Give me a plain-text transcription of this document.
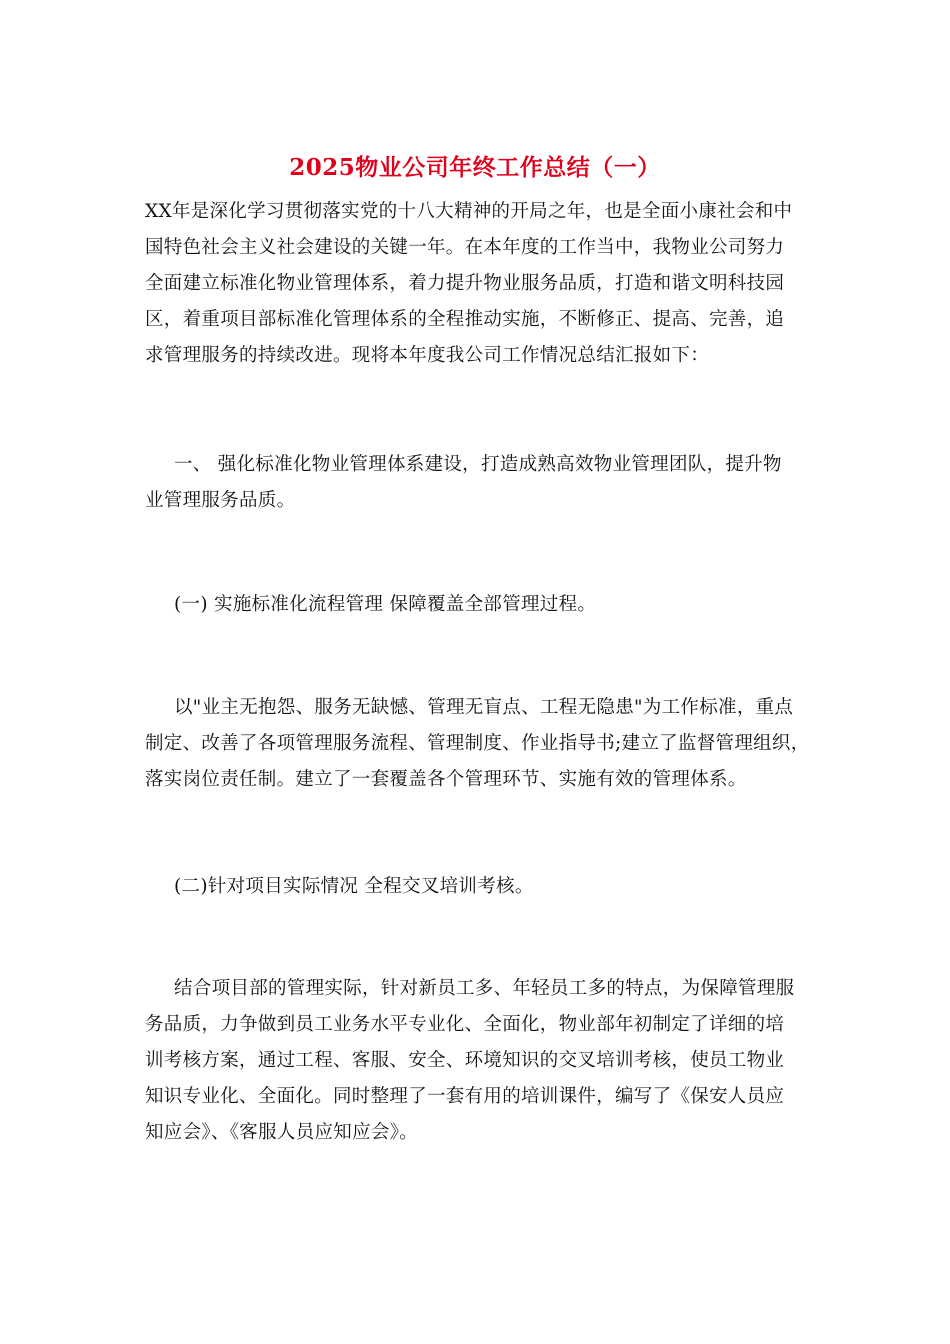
2025物业公司年终工作总结（一）
XX年是深化学习贯彻落实党的十八大精神的开局之年，也是全面小康社会和中
国特色社会主义社会建设的关键一年。在本年度的工作当中，我物业公司努力
全面建立标准化物业管理体系，着力提升物业服务品质，打造和谐文明科技园
区，着重项目部标准化管理体系的全程推动实施，不断修正、提高、完善，追
求管理服务的持续改进。现将本年度我公司工作情况总结汇报如下：
一、 强化标准化物业管理体系建设，打造成熟高效物业管理团队，提升物
业管理服务品质。
(一) 实施标准化流程管理 保障覆盖全部管理过程。
以"业主无抱怨、服务无缺憾、管理无盲点、工程无隐患"为工作标准，重点
制定、改善了各项管理服务流程、管理制度、作业指导书;建立了监督管理组织，
落实岗位责任制。建立了一套覆盖各个管理环节、实施有效的管理体系。
(二)针对项目实际情况 全程交叉培训考核。
结合项目部的管理实际，针对新员工多、年轻员工多的特点，为保障管理服
务品质，力争做到员工业务水平专业化、全面化，物业部年初制定了详细的培
训考核方案，通过工程、客服、安全、环境知识的交叉培训考核，使员工物业
知识专业化、全面化。同时整理了一套有用的培训课件，编写了《保安人员应
知应会》、《客服人员应知应会》。
